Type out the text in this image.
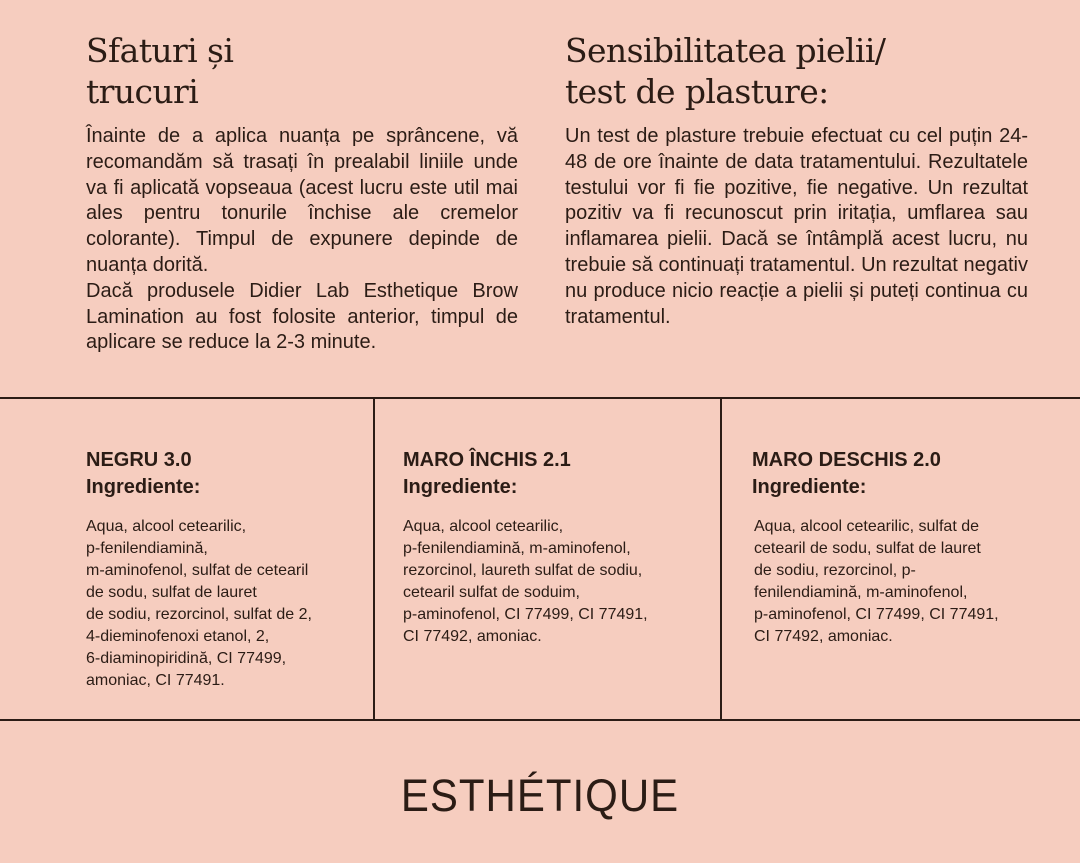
Sfaturi și
trucuri

Înainte de a aplica nuanța pe sprâncene, vă recomandăm să trasați în prealabil liniile unde va fi aplicată vopseaua (acest lucru este util mai ales pentru tonurile închise ale cremelor colorante). Timpul de expunere depinde de nuanța dorită.

Dacă produsele Didier Lab Esthetique Brow Lamination au fost folosite anterior, timpul de aplicare se reduce la 2-3 minute.

Sensibilitatea pielii/
test de plasture:

Un test de plasture trebuie efectuat cu cel puțin 24-48 de ore înainte de data tratamentului. Rezultatele testului vor fi fie pozitive, fie negative. Un rezultat pozitiv va fi recunoscut prin iritația, umflarea sau inflamarea pielii. Dacă se întâmplă acest lucru, nu trebuie să continuați tratamentul. Un rezultat negativ nu produce nicio reacție a pielii și puteți continua cu tratamentul.

NEGRU 3.0
Ingrediente:

Aqua, alcool cetearilic,
p-fenilendiamină,
m-aminofenol, sulfat de cetearil
de sodu, sulfat de lauret
de sodiu, rezorcinol, sulfat de 2,
4-dieminofenoxi etanol, 2,
6-diaminopiridină, CI 77499,
amoniac, CI 77491.

MARO ÎNCHIS 2.1
Ingrediente:

Aqua, alcool cetearilic,
p-fenilendiamină, m-aminofenol,
rezorcinol, laureth sulfat de sodiu,
cetearil sulfat de soduim,
p-aminofenol, CI 77499, CI 77491,
CI 77492, amoniac.

MARO DESCHIS 2.0
Ingrediente:

Aqua, alcool cetearilic, sulfat de
cetearil de sodu, sulfat de lauret
de sodiu, rezorcinol, p-
fenilendiamină, m-aminofenol,
p-aminofenol, CI 77499, CI 77491,
CI 77492, amoniac.

ESTHÉTIQUE
